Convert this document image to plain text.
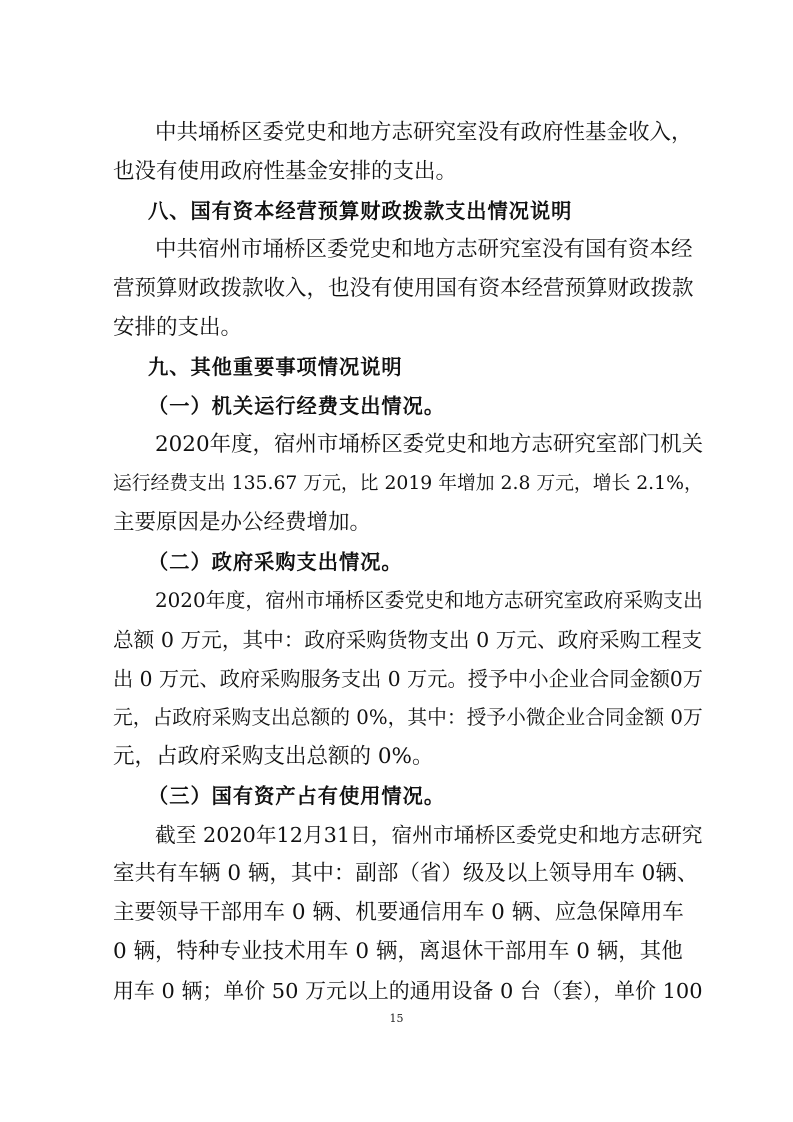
中共埇桥区委党史和地方志研究室没有政府性基金收入，
也没有使用政府性基金安排的支出。
八、国有资本经营预算财政拨款支出情况说明
中共宿州市埇桥区委党史和地方志研究室没有国有资本经
营预算财政拨款收入，也没有使用国有资本经营预算财政拨款
安排的支出。
九、其他重要事项情况说明
（一）机关运行经费支出情况。
2020年度，宿州市埇桥区委党史和地方志研究室部门机关
运行经费支出 135.67 万元，比 2019 年增加 2.8 万元，增长 2.1%，
主要原因是办公经费增加。
（二）政府采购支出情况。
2020年度，宿州市埇桥区委党史和地方志研究室政府采购支出
总额 0 万元，其中：政府采购货物支出 0 万元、政府采购工程支
出 0 万元、政府采购服务支出 0 万元。授予中小企业合同金额0万
元，占政府采购支出总额的 0%，其中：授予小微企业合同金额 0万
元，占政府采购支出总额的 0%。
（三）国有资产占有使用情况。
截至 2020年12月31日，宿州市埇桥区委党史和地方志研究
室共有车辆 0 辆，其中：副部（省）级及以上领导用车 0辆、
主要领导干部用车 0 辆、机要通信用车 0 辆、应急保障用车
0 辆，特种专业技术用车 0 辆，离退休干部用车 0 辆，其他
用车 0 辆；单价 50 万元以上的通用设备 0 台（套），单价 100
15
